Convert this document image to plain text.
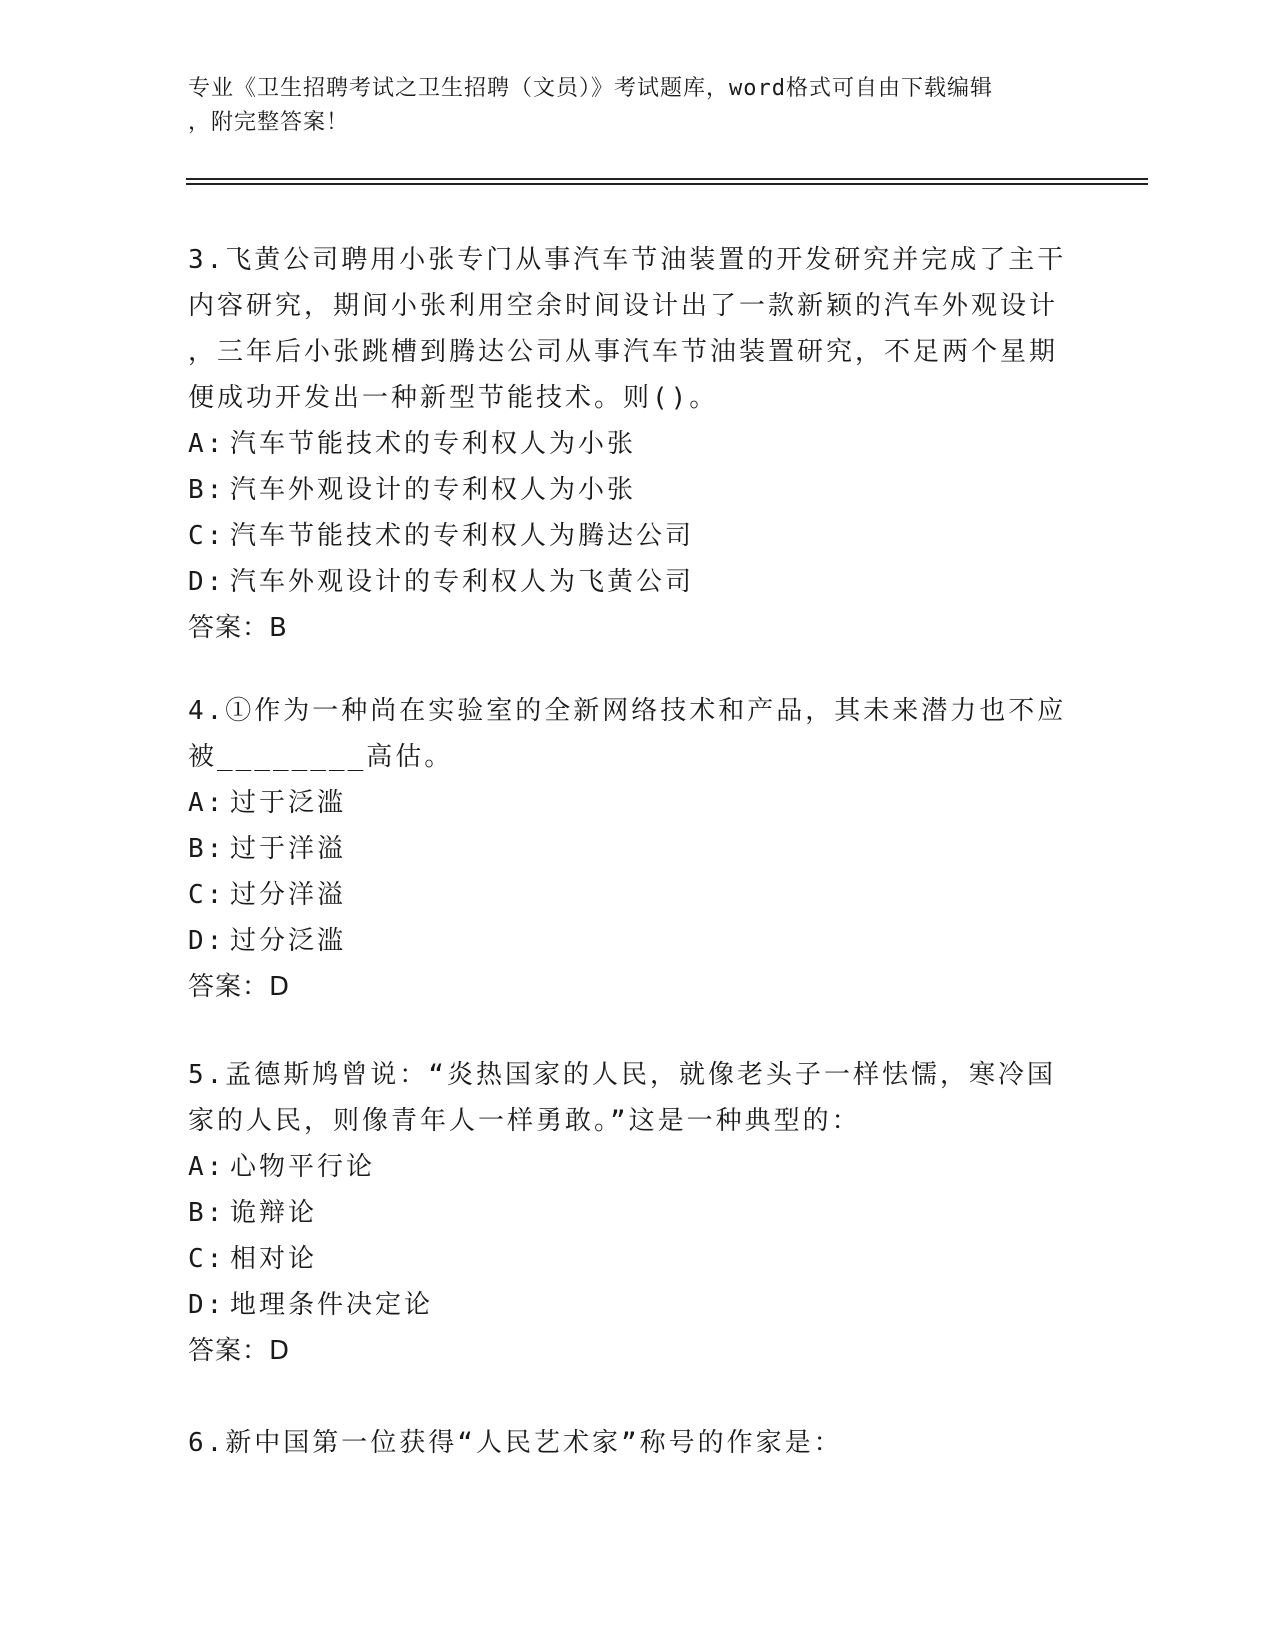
专业《卫生招聘考试之卫生招聘（文员）》考试题库，word格式可自由下载编辑
，附完整答案！

3.飞黄公司聘用小张专门从事汽车节油装置的开发研究并完成了主干

内容研究，期间小张利用空余时间设计出了一款新颖的汽车外观设计

，三年后小张跳槽到腾达公司从事汽车节油装置研究，不足两个星期

便成功开发出一种新型节能技术。则()。

A: 汽车节能技术的专利权人为小张

B: 汽车外观设计的专利权人为小张

C: 汽车节能技术的专利权人为腾达公司

D: 汽车外观设计的专利权人为飞黄公司

答案：B

4.①作为一种尚在实验室的全新网络技术和产品，其未来潜力也不应

被________高估。

A: 过于泛滥

B: 过于洋溢

C: 过分洋溢

D: 过分泛滥

答案：D

5.孟德斯鸠曾说：“炎热国家的人民，就像老头子一样怯懦，寒冷国

家的人民，则像青年人一样勇敢。”这是一种典型的：

A: 心物平行论

B: 诡辩论

C: 相对论

D: 地理条件决定论

答案：D

6.新中国第一位获得“人民艺术家”称号的作家是：
